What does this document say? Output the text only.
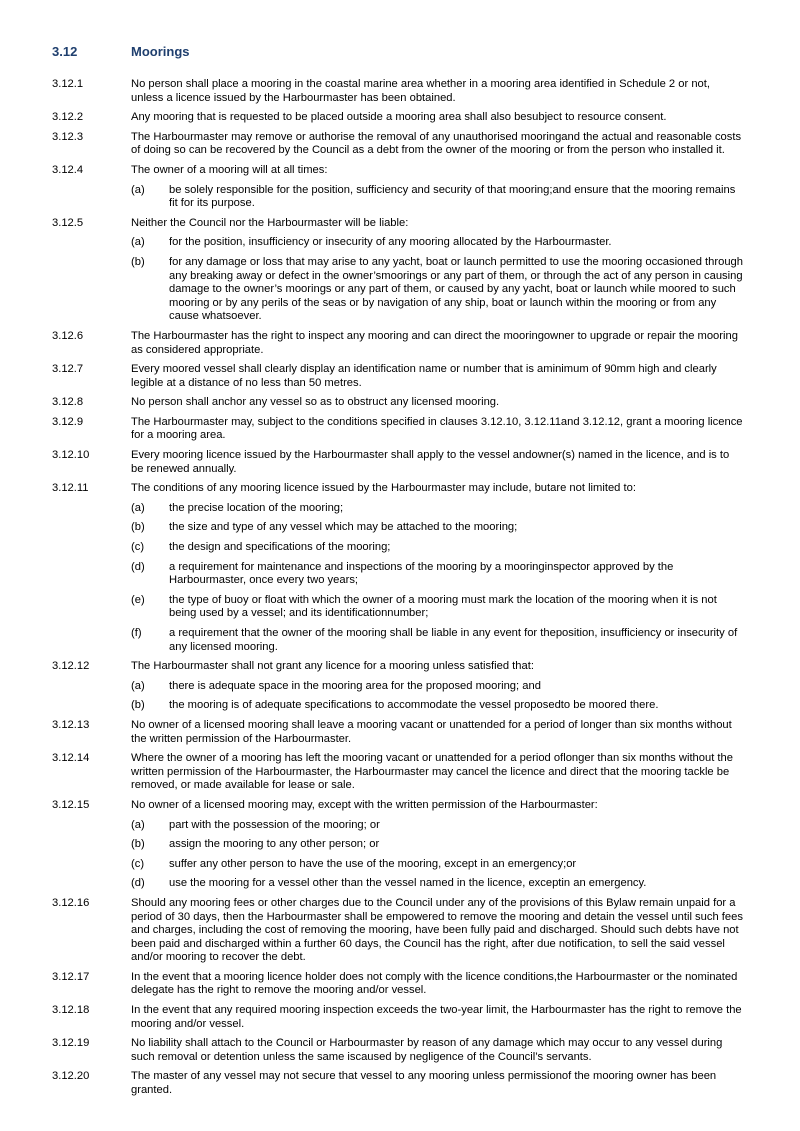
3.12	Moorings
3.12.1	No person shall place a mooring in the coastal marine area whether in a mooring area identified in Schedule 2 or not, unless a licence issued by the Harbourmaster has been obtained.
3.12.2	Any mooring that is requested to be placed outside a mooring area shall also besubject to resource consent.
3.12.3	The Harbourmaster may remove or authorise the removal of any unauthorised mooringand the actual and reasonable costs of doing so can be recovered by the Council as a debt from the owner of the mooring or from the person who installed it.
3.12.4	The owner of a mooring will at all times:
(a) be solely responsible for the position, sufficiency and security of that mooring;and ensure that the mooring remains fit for its purpose.
3.12.5	Neither the Council nor the Harbourmaster will be liable:
(a) for the position, insufficiency or insecurity of any mooring allocated by the Harbourmaster.
(b) for any damage or loss that may arise to any yacht, boat or launch permitted to use the mooring occasioned through any breaking away or defect in the owner’smoorings or any part of them, or through the act of any person in causing damage to the owner’s moorings or any part of them, or caused by any yacht, boat or launch while moored to such mooring or by any perils of the seas or by navigation of any ship, boat or launch within the mooring or from any cause whatsoever.
3.12.6	The Harbourmaster has the right to inspect any mooring and can direct the mooringowner to upgrade or repair the mooring as considered appropriate.
3.12.7	Every moored vessel shall clearly display an identification name or number that is aminimum of 90mm high and clearly legible at a distance of no less than 50 metres.
3.12.8	No person shall anchor any vessel so as to obstruct any licensed mooring.
3.12.9	The Harbourmaster may, subject to the conditions specified in clauses 3.12.10, 3.12.11and 3.12.12, grant a mooring licence for a mooring area.
3.12.10	Every mooring licence issued by the Harbourmaster shall apply to the vessel andowner(s) named in the licence, and is to be renewed annually.
3.12.11	The conditions of any mooring licence issued by the Harbourmaster may include, butare not limited to:
(a) the precise location of the mooring;
(b) the size and type of any vessel which may be attached to the mooring;
(c) the design and specifications of the mooring;
(d) a requirement for maintenance and inspections of the mooring by a mooringinspector approved by the Harbourmaster, once every two years;
(e) the type of buoy or float with which the owner of a mooring must mark the location of the mooring when it is not being used by a vessel; and its identificationnumber;
(f) a requirement that the owner of the mooring shall be liable in any event for theposition, insufficiency or insecurity of any licensed mooring.
3.12.12	The Harbourmaster shall not grant any licence for a mooring unless satisfied that:
(a) there is adequate space in the mooring area for the proposed mooring; and
(b) the mooring is of adequate specifications to accommodate the vessel proposedto be moored there.
3.12.13	No owner of a licensed mooring shall leave a mooring vacant or unattended for a period of longer than six months without the written permission of the Harbourmaster.
3.12.14	Where the owner of a mooring has left the mooring vacant or unattended for a period oflonger than six months without the written permission of the Harbourmaster, the Harbourmaster may cancel the licence and direct that the mooring tackle be removed, or made available for lease or sale.
3.12.15	No owner of a licensed mooring may, except with the written permission of the Harbourmaster:
(a) part with the possession of the mooring; or
(b) assign the mooring to any other person; or
(c) suffer any other person to have the use of the mooring, except in an emergency;or
(d) use the mooring for a vessel other than the vessel named in the licence, exceptin an emergency.
3.12.16	Should any mooring fees or other charges due to the Council under any of the provisions of this Bylaw remain unpaid for a period of 30 days, then the Harbourmaster shall be empowered to remove the mooring and detain the vessel until such fees and charges, including the cost of removing the mooring, have been fully paid and discharged. Should such debts have not been paid and discharged within a further 60 days, the Council has the right, after due notification, to sell the said vessel and/or mooring to recover the debt.
3.12.17	In the event that a mooring licence holder does not comply with the licence conditions,the Harbourmaster or the nominated delegate has the right to remove the mooring and/or vessel.
3.12.18	In the event that any required mooring inspection exceeds the two-year limit, the Harbourmaster has the right to remove the mooring and/or vessel.
3.12.19	No liability shall attach to the Council or Harbourmaster by reason of any damage which may occur to any vessel during such removal or detention unless the same iscaused by negligence of the Council’s servants.
3.12.20	The master of any vessel may not secure that vessel to any mooring unless permissionof the mooring owner has been granted.
